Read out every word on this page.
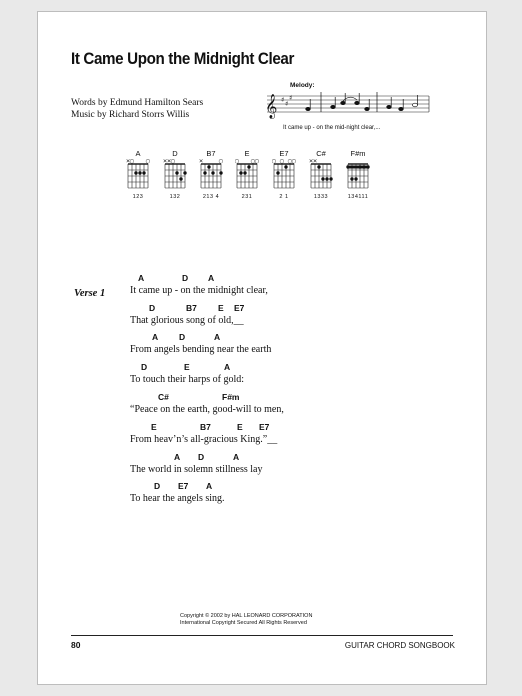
It Came Upon the Midnight Clear
Words by Edmund Hamilton Sears
Music by Richard Storrs Willis
Melody:
𝄞 ♯ ♯
♯
It came up - on the mid-night clear,...
A
× ○ ○
123
D
× × ○
132
B7
×	○
213 4
E
○ ○ ○
231
E7
○ ○ ○ ○
2 1
C#
× ×
1333
F#m
134111
Verse 1
A	D A
It came up - on the midnight clear,
D	B7 E E7
That glorious song of old,__
A D	A
From angels bending near the earth
D	E	A
To touch their harps of gold:
C#	F#m
“Peace on the earth, good-will to men,
E	B7	E E7
From heav’n’s all-gracious King.”__
A D	A
The world in solemn stillness lay
D E7 A
To hear the angels sing.
Copyright © 2002 by HAL LEONARD CORPORATION
International Copyright Secured All Rights Reserved
80	GUITAR CHORD SONGBOOK
